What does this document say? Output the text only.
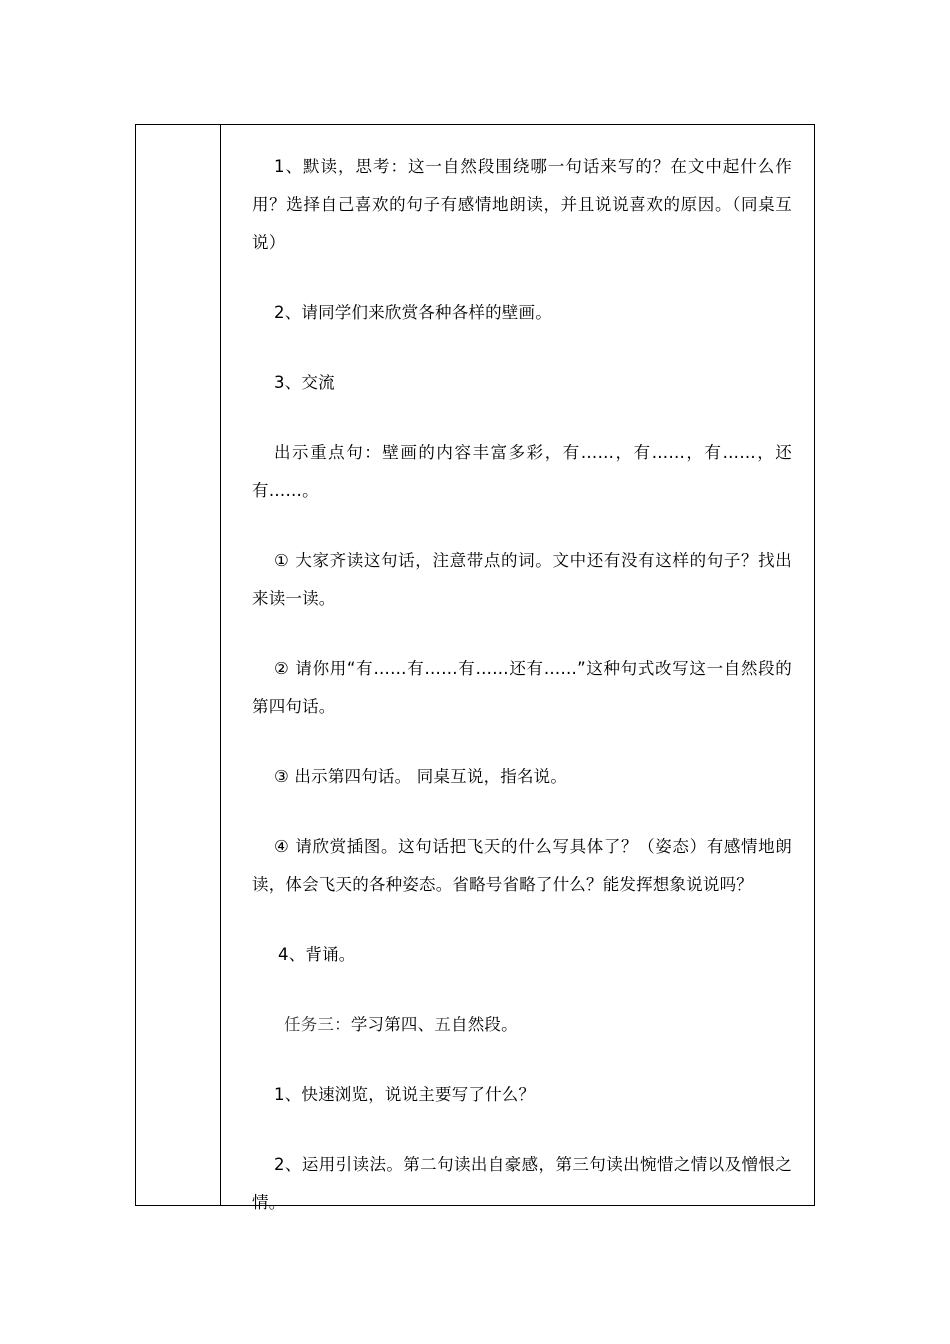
1、默读，思考：这一自然段围绕哪一句话来写的？在文中起什么作用？选择自己喜欢的句子有感情地朗读，并且说说喜欢的原因。（同桌互说）

2、请同学们来欣赏各种各样的壁画。

3、交流

出示重点句：壁画的内容丰富多彩，有……，有……，有……，还有……。

① 大家齐读这句话，注意带点的词。文中还有没有这样的句子？找出来读一读。

② 请你用“有……有……有……还有……”这种句式改写这一自然段的第四句话。

③ 出示第四句话。 同桌互说，指名说。

④ 请欣赏插图。这句话把飞天的什么写具体了？（姿态）有感情地朗读，体会飞天的各种姿态。省略号省略了什么？能发挥想象说说吗？

4、背诵。

任务三：学习第四、五自然段。

1、快速浏览，说说主要写了什么？

2、运用引读法。第二句读出自豪感，第三句读出惋惜之情以及憎恨之情。
